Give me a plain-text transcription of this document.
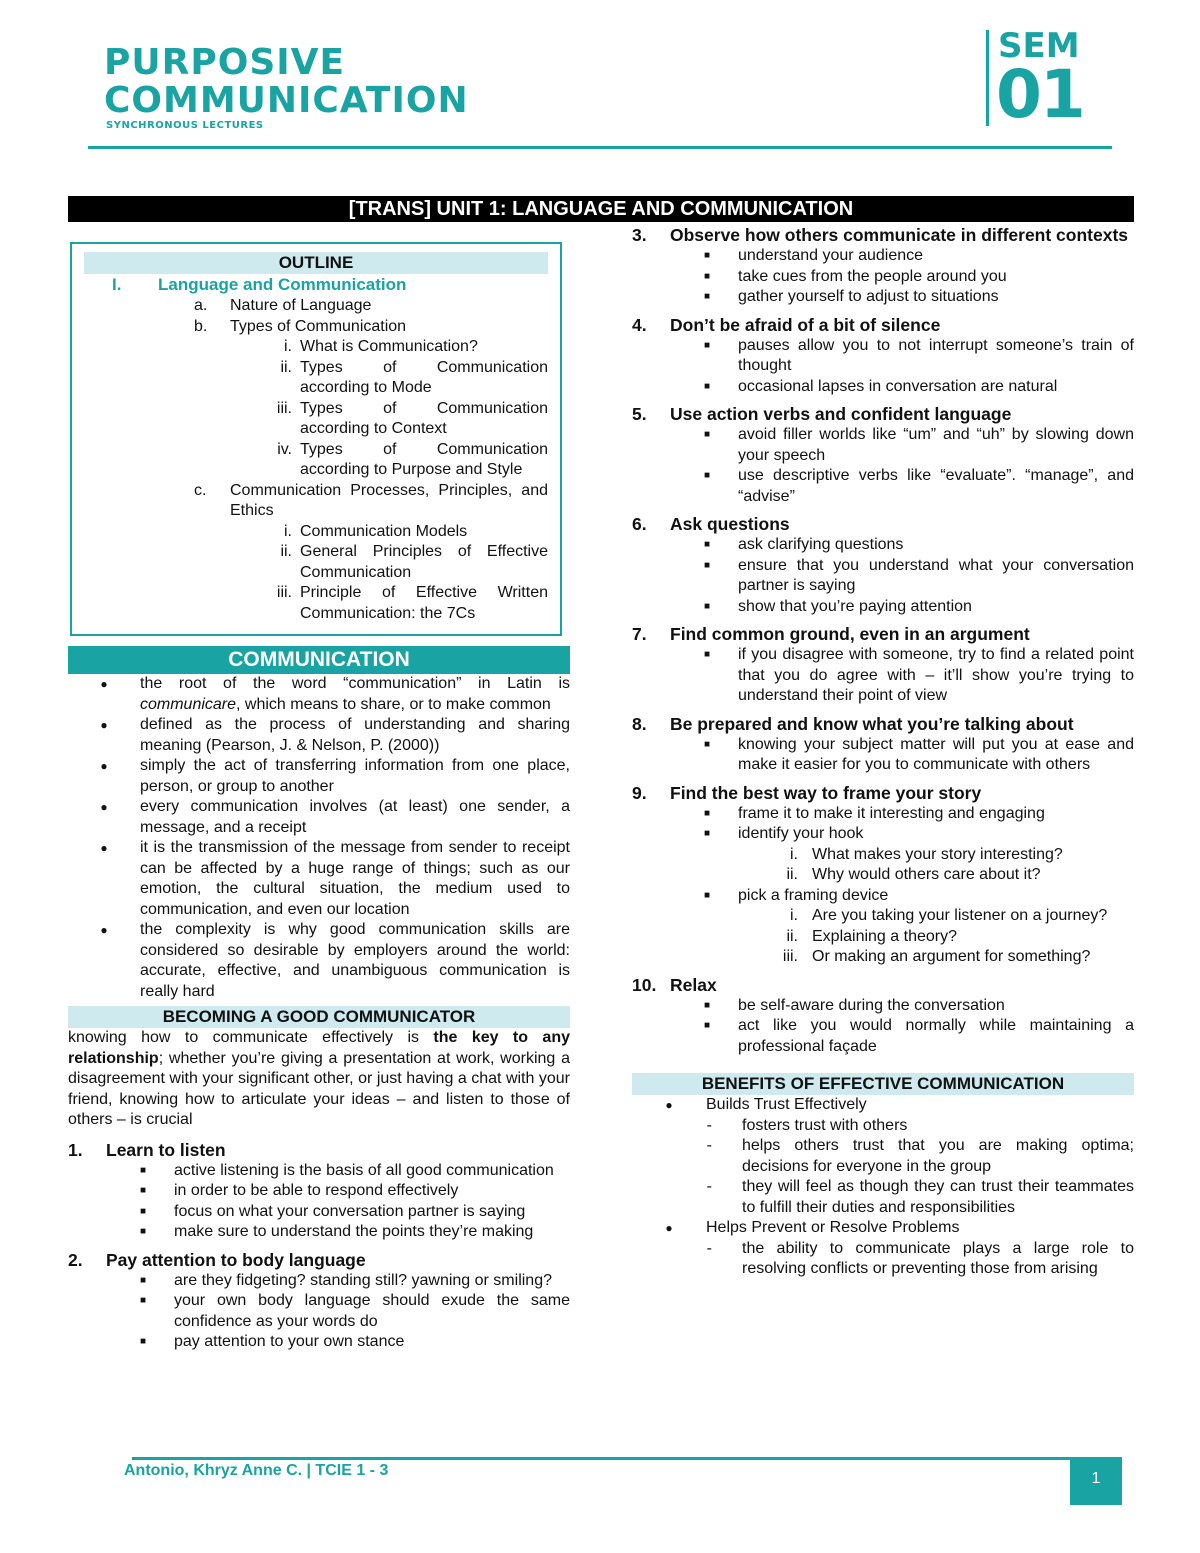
PURPOSIVE
COMMUNICATION
SYNCHRONOUS LECTURES
SEM
01
[TRANS] UNIT 1: LANGUAGE AND COMMUNICATION
OUTLINE
I.	Language and Communication
a.	Nature of Language
b.	Types of Communication
i. What is Communication?
ii. Types of Communication according to Mode
iii. Types of Communication according to Context
iv. Types of Communication according to Purpose and Style
c.	Communication Processes, Principles, and Ethics
i. Communication Models
ii. General Principles of Effective Communication
iii. Principle of Effective Written Communication: the 7Cs
COMMUNICATION
●	the root of the word “communication” in Latin is communicare, which means to share, or to make common
●	defined as the process of understanding and sharing meaning (Pearson, J. & Nelson, P. (2000))
●	simply the act of transferring information from one place, person, or group to another
●	every communication involves (at least) one sender, a message, and a receipt
●	it is the transmission of the message from sender to receipt can be affected by a huge range of things; such as our emotion, the cultural situation, the medium used to communication, and even our location
●	the complexity is why good communication skills are considered so desirable by employers around the world: accurate, effective, and unambiguous communication is really hard
BECOMING A GOOD COMMUNICATOR
knowing how to communicate effectively is the key to any relationship; whether you’re giving a presentation at work, working a disagreement with your significant other, or just having a chat with your friend, knowing how to articulate your ideas – and listen to those of others – is crucial
1.	Learn to listen
■	active listening is the basis of all good communication
■	in order to be able to respond effectively
■	focus on what your conversation partner is saying
■	make sure to understand the points they’re making
2.	Pay attention to body language
■	are they fidgeting? standing still? yawning or smiling?
■	your own body language should exude the same confidence as your words do
■	pay attention to your own stance
3.	Observe how others communicate in different contexts
■	understand your audience
■	take cues from the people around you
■	gather yourself to adjust to situations
4.	Don’t be afraid of a bit of silence
■	pauses allow you to not interrupt someone’s train of thought
■	occasional lapses in conversation are natural
5.	Use action verbs and confident language
■	avoid filler worlds like “um” and “uh” by slowing down your speech
■	use descriptive verbs like “evaluate”. “manage”, and “advise”
6.	Ask questions
■	ask clarifying questions
■	ensure that you understand what your conversation partner is saying
■	show that you’re paying attention
7.	Find common ground, even in an argument
■	if you disagree with someone, try to find a related point that you do agree with – it’ll show you’re trying to understand their point of view
8.	Be prepared and know what you’re talking about
■	knowing your subject matter will put you at ease and make it easier for you to communicate with others
9.	Find the best way to frame your story
■	frame it to make it interesting and engaging
■	identify your hook
i. What makes your story interesting?
ii. Why would others care about it?
■	pick a framing device
i. Are you taking your listener on a journey?
ii. Explaining a theory?
iii. Or making an argument for something?
10. Relax
■	be self-aware during the conversation
■	act like you would normally while maintaining a professional façade
BENEFITS OF EFFECTIVE COMMUNICATION
●	Builds Trust Effectively
-	fosters trust with others
-	helps others trust that you are making optima; decisions for everyone in the group
-	they will feel as though they can trust their teammates to fulfill their duties and responsibilities
●	Helps Prevent or Resolve Problems
-	the ability to communicate plays a large role to resolving conflicts or preventing those from arising
Antonio, Khryz Anne C. | TCIE 1 - 3	1
